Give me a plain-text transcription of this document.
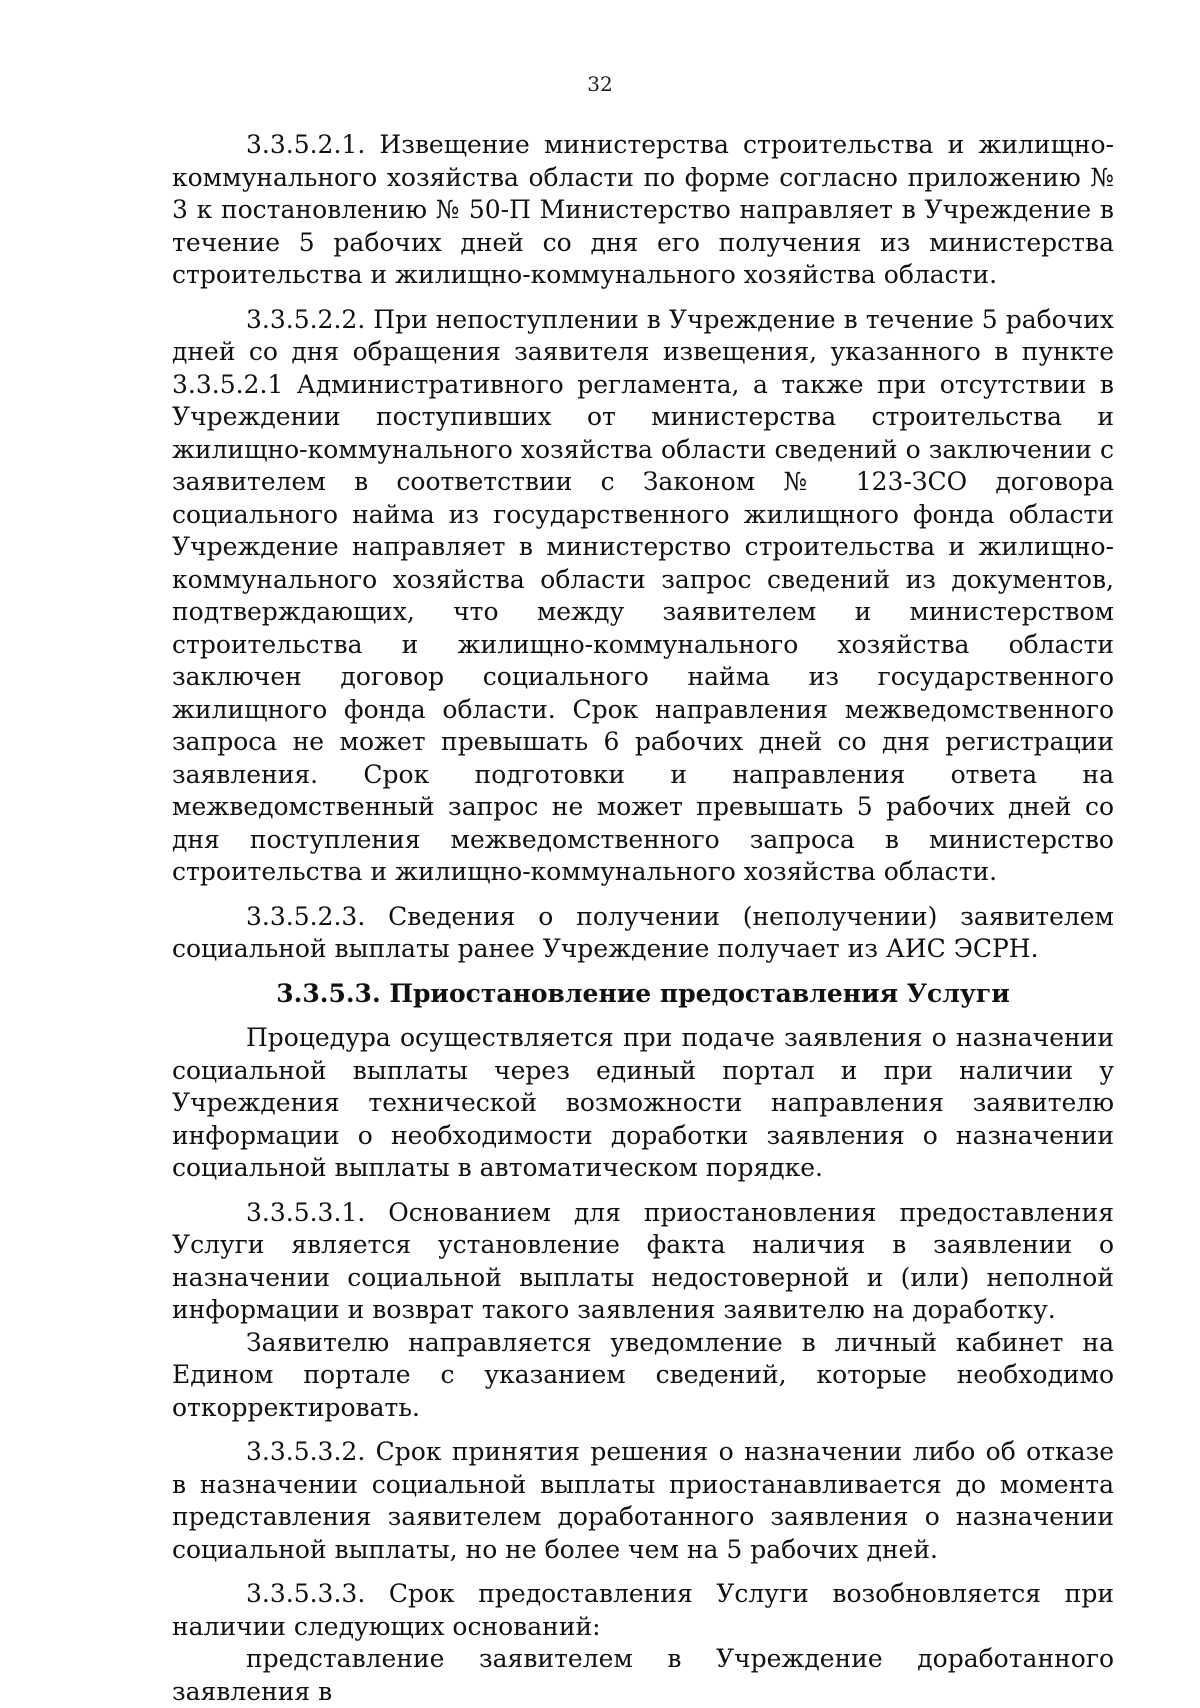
32

3.3.5.2.1. Извещение министерства строительства и жилищно-коммунального хозяйства области по форме согласно приложению № 3 к постановлению № 50-П Министерство направляет в Учреждение в течение 5 рабочих дней со дня его получения из министерства строительства и жилищно-коммунального хозяйства области.

3.3.5.2.2. При непоступлении в Учреждение в течение 5 рабочих дней со дня обращения заявителя извещения, указанного в пункте 3.3.5.2.1 Административного регламента, а также при отсутствии в Учреждении поступивших от министерства строительства и жилищно-коммунального хозяйства области сведений о заключении с заявителем в соответствии с Законом № 123-ЗСО договора социального найма из государственного жилищного фонда области Учреждение направляет в министерство строительства и жилищно-коммунального хозяйства области запрос сведений из документов, подтверждающих, что между заявителем и министерством строительства и жилищно-коммунального хозяйства области заключен договор социального найма из государственного жилищного фонда области. Срок направления межведомственного запроса не может превышать 6 рабочих дней со дня регистрации заявления. Срок подготовки и направления ответа на межведомственный запрос не может превышать 5 рабочих дней со дня поступления межведомственного запроса в министерство строительства и жилищно-коммунального хозяйства области.

3.3.5.2.3. Сведения о получении (неполучении) заявителем социальной выплаты ранее Учреждение получает из АИС ЭСРН.

3.3.5.3. Приостановление предоставления Услуги

Процедура осуществляется при подаче заявления о назначении социальной выплаты через единый портал и при наличии у Учреждения технической возможности направления заявителю информации о необходимости доработки заявления о назначении социальной выплаты в автоматическом порядке.

3.3.5.3.1. Основанием для приостановления предоставления Услуги является установление факта наличия в заявлении о назначении социальной выплаты недостоверной и (или) неполной информации и возврат такого заявления заявителю на доработку.

Заявителю направляется уведомление в личный кабинет на Едином портале с указанием сведений, которые необходимо откорректировать.

3.3.5.3.2. Срок принятия решения о назначении либо об отказе в назначении социальной выплаты приостанавливается до момента представления заявителем доработанного заявления о назначении социальной выплаты, но не более чем на 5 рабочих дней.

3.3.5.3.3. Срок предоставления Услуги возобновляется при наличии следующих оснований:

представление заявителем в Учреждение доработанного заявления в
